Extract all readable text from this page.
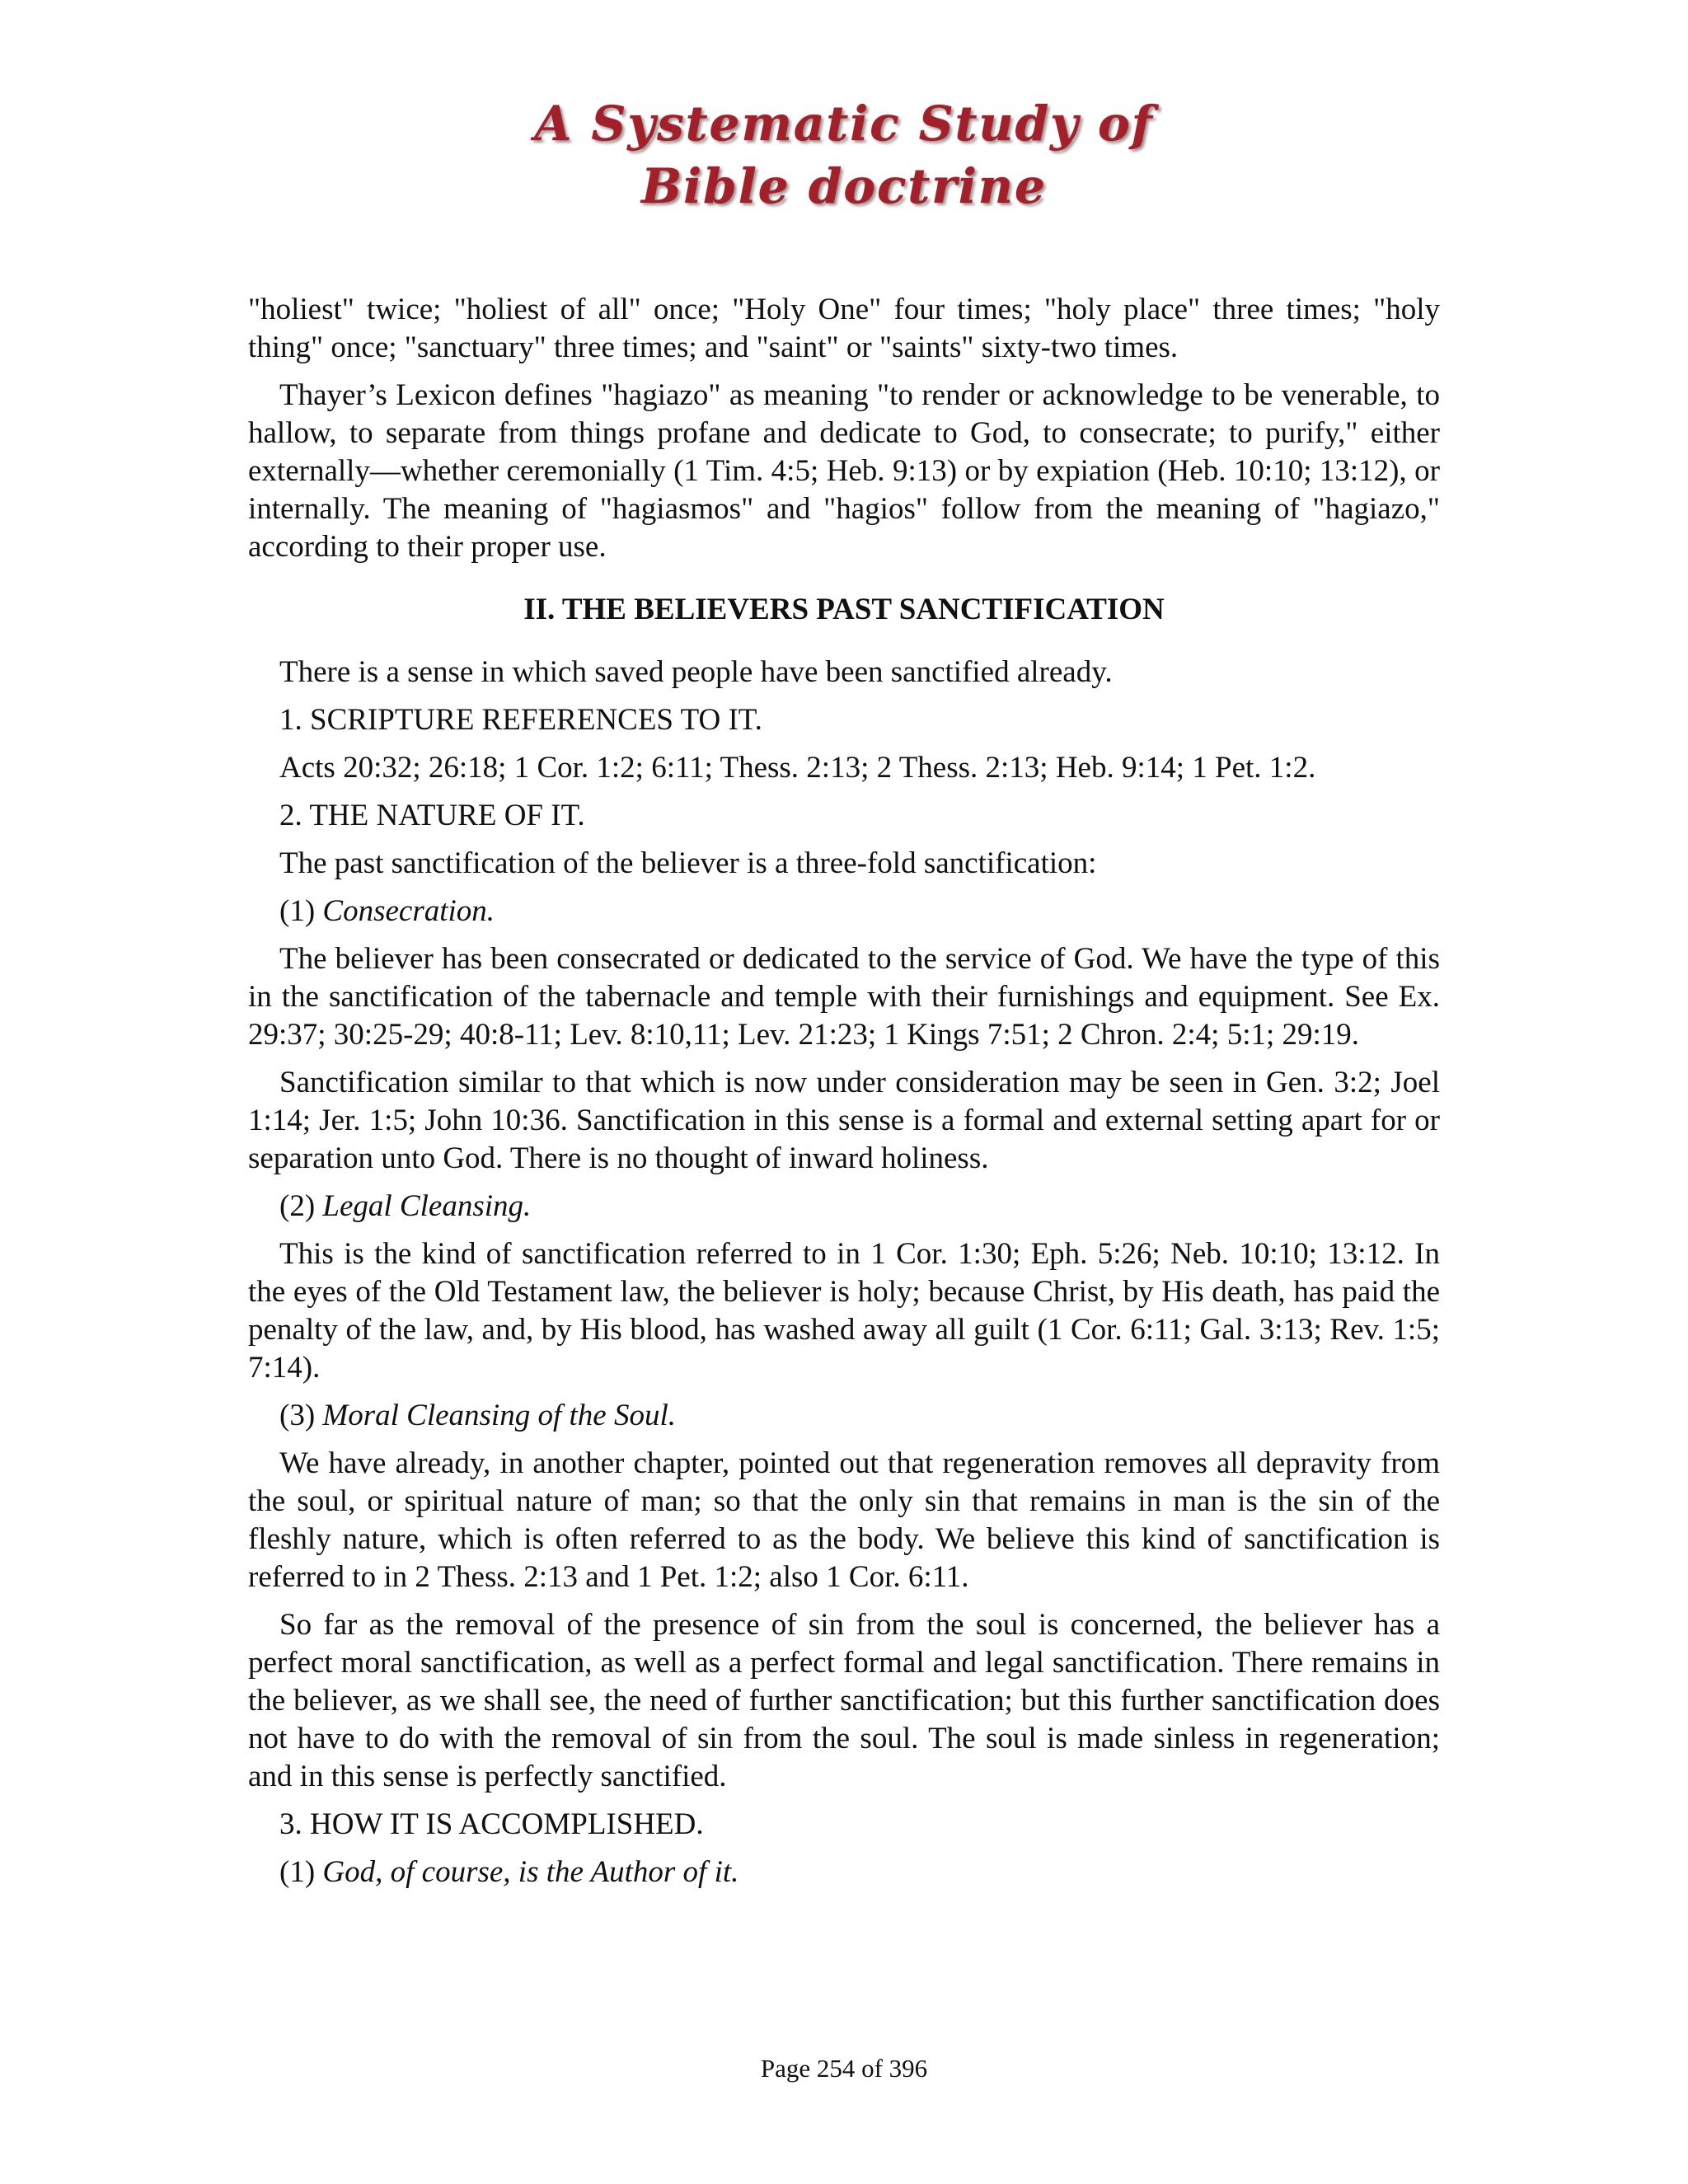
A Systematic Study of
Bible doctrine

"holiest" twice; "holiest of all" once; "Holy One" four times; "holy place" three times; "holy thing" once; "sanctuary" three times; and "saint" or "saints" sixty-two times.

Thayer’s Lexicon defines "hagiazo" as meaning "to render or acknowledge to be venerable, to hallow, to separate from things profane and dedicate to God, to consecrate; to purify," either externally—whether ceremonially (1 Tim. 4:5; Heb. 9:13) or by expiation (Heb. 10:10; 13:12), or internally. The meaning of "hagiasmos" and "hagios" follow from the meaning of "hagiazo," according to their proper use.

II. THE BELIEVERS PAST SANCTIFICATION

There is a sense in which saved people have been sanctified already.

1. SCRIPTURE REFERENCES TO IT.

Acts 20:32; 26:18; 1 Cor. 1:2; 6:11; Thess. 2:13; 2 Thess. 2:13; Heb. 9:14; 1 Pet. 1:2.

2. THE NATURE OF IT.

The past sanctification of the believer is a three-fold sanctification:

(1) Consecration.

The believer has been consecrated or dedicated to the service of God. We have the type of this in the sanctification of the tabernacle and temple with their furnishings and equipment. See Ex. 29:37; 30:25-29; 40:8-11; Lev. 8:10,11; Lev. 21:23; 1 Kings 7:51; 2 Chron. 2:4; 5:1; 29:19.

Sanctification similar to that which is now under consideration may be seen in Gen. 3:2; Joel 1:14; Jer. 1:5; John 10:36. Sanctification in this sense is a formal and external setting apart for or separation unto God. There is no thought of inward holiness.

(2) Legal Cleansing.

This is the kind of sanctification referred to in 1 Cor. 1:30; Eph. 5:26; Neb. 10:10; 13:12. In the eyes of the Old Testament law, the believer is holy; because Christ, by His death, has paid the penalty of the law, and, by His blood, has washed away all guilt (1 Cor. 6:11; Gal. 3:13; Rev. 1:5; 7:14).

(3) Moral Cleansing of the Soul.

We have already, in another chapter, pointed out that regeneration removes all depravity from the soul, or spiritual nature of man; so that the only sin that remains in man is the sin of the fleshly nature, which is often referred to as the body. We believe this kind of sanctification is referred to in 2 Thess. 2:13 and 1 Pet. 1:2; also 1 Cor. 6:11.

So far as the removal of the presence of sin from the soul is concerned, the believer has a perfect moral sanctification, as well as a perfect formal and legal sanctification. There remains in the believer, as we shall see, the need of further sanctification; but this further sanctification does not have to do with the removal of sin from the soul. The soul is made sinless in regeneration; and in this sense is perfectly sanctified.

3. HOW IT IS ACCOMPLISHED.

(1) God, of course, is the Author of it.

Page 254 of 396
